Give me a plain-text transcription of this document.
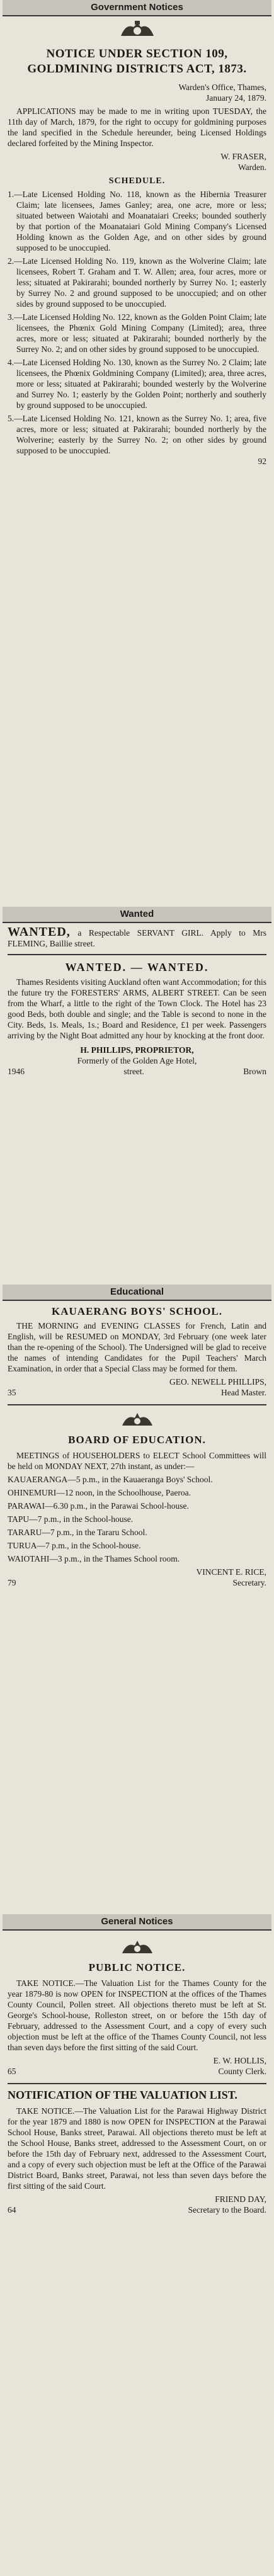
Government Notices
NOTICE UNDER SECTION 109, GOLDMINING DISTRICTS ACT, 1873.

Warden's Office, Thames,

January 24, 1879.

APPLICATIONS may be made to me in writing upon TUESDAY, the 11th day of March, 1879, for the right to occupy for goldmining purposes the land specified in the Schedule hereunder, being Licensed Holdings declared forfeited by the Mining Inspector.

W. FRASER,

Warden.

SCHEDULE.

1.—Late Licensed Holding No. 118, known as the Hibernia Treasurer Claim; late licensees, James Ganley; area, one acre, more or less; situated between Waiotahi and Moanataiari Creeks; bounded southerly by that portion of the Moanataiari Gold Mining Company's Licensed Holding known as the Golden Age, and on other sides by ground supposed to be unoccupied.

2.—Late Licensed Holding No. 119, known as the Wolverine Claim; late licensees, Robert T. Graham and T. W. Allen; area, four acres, more or less; situated at Pakirarahi; bounded northerly by Surrey No. 1; easterly by Surrey No. 2 and ground supposed to be unoccupied; and on other sides by ground supposed to be unoccupied.

3.—Late Licensed Holding No. 122, known as the Golden Point Claim; late licensees, the Phœnix Gold Mining Company (Limited); area, three acres, more or less; situated at Pakirarahi; bounded northerly by the Surrey No. 2; and on other sides by ground supposed to be unoccupied.

4.—Late Licensed Holding No. 130, known as the Surrey No. 2 Claim; late licensees, the Phœnix Goldmining Company (Limited); area, three acres, more or less; situated at Pakirarahi; bounded westerly by the Wolverine and Surrey No. 1; easterly by the Golden Point; northerly and southerly by ground supposed to be unoccupied.

5.—Late Licensed Holding No. 121, known as the Surrey No. 1; area, five acres, more or less; situated at Pakirarahi; bounded northerly by the Wolverine; easterly by the Surrey No. 2; on other sides by ground supposed to be unoccupied.

92

Wanted

WANTED, a Respectable SERVANT GIRL. Apply to Mrs FLEMING, Baillie street.

WANTED. — WANTED.

Thames Residents visiting Auckland often want Accommodation; for this the future try the FORESTERS' ARMS, ALBERT STREET. Can be seen from the Wharf, a little to the right of the Town Clock. The Hotel has 23 good Beds, both double and single; and the Table is second to none in the City. Beds, 1s. Meals, 1s.; Board and Residence, £1 per week. Passengers arriving by the Night Boat admitted any hour by knocking at the front door.

H. PHILLIPS, PROPRIETOR,

Formerly of the Golden Age Hotel,

1946	street.	Brown
Educational
KAUAERANG BOYS' SCHOOL.

THE MORNING and EVENING CLASSES for French, Latin and English, will be RESUMED on MONDAY, 3rd February (one week later than the re-opening of the School). The Undersigned will be glad to receive the names of intending Candidates for the Pupil Teachers' March Examination, in order that a Special Class may be formed for them.

GEO. NEWELL PHILLIPS,

35	Head Master.
BOARD OF EDUCATION.

MEETINGS of HOUSEHOLDERS to ELECT School Committees will be held on MONDAY NEXT, 27th instant, as under:—

KAUAERANGA—5 p.m., in the Kauaeranga Boys' School.

OHINEMURI—12 noon, in the Schoolhouse, Paeroa.

PARAWAI—6.30 p.m., in the Parawai School-house.

TAPU—7 p.m., in the School-house.

TARARU—7 p.m., in the Tararu School.

TURUA—7 p.m., in the School-house.

WAIOTAHI—3 p.m., in the Thames School room.

VINCENT E. RICE,

79	Secretary.
General Notices
PUBLIC NOTICE.

TAKE NOTICE.—The Valuation List for the Thames County for the year 1879-80 is now OPEN for INSPECTION at the offices of the Thames County Council, Pollen street. All objections thereto must be left at St. George's School-house, Rolleston street, on or before the 15th day of February, addressed to the Assessment Court, and a copy of every such objection must be left at the office of the Thames County Council, not less than seven days before the first sitting of the said Court.

E. W. HOLLIS,

65	County Clerk.
NOTIFICATION OF THE VALUATION LIST.

TAKE NOTICE.—The Valuation List for the Parawai Highway District for the year 1879 and 1880 is now OPEN for INSPECTION at the Parawai School House, Banks street, Parawai. All objections thereto must be left at the School House, Banks street, addressed to the Assessment Court, on or before the 15th day of February next, addressed to the Assessment Court, and a copy of every such objection must be left at the Office of the Parawai District Board, Banks street, Parawai, not less than seven days before the first sitting of the said Court.

FRIEND DAY,

64	Secretary to the Board.
